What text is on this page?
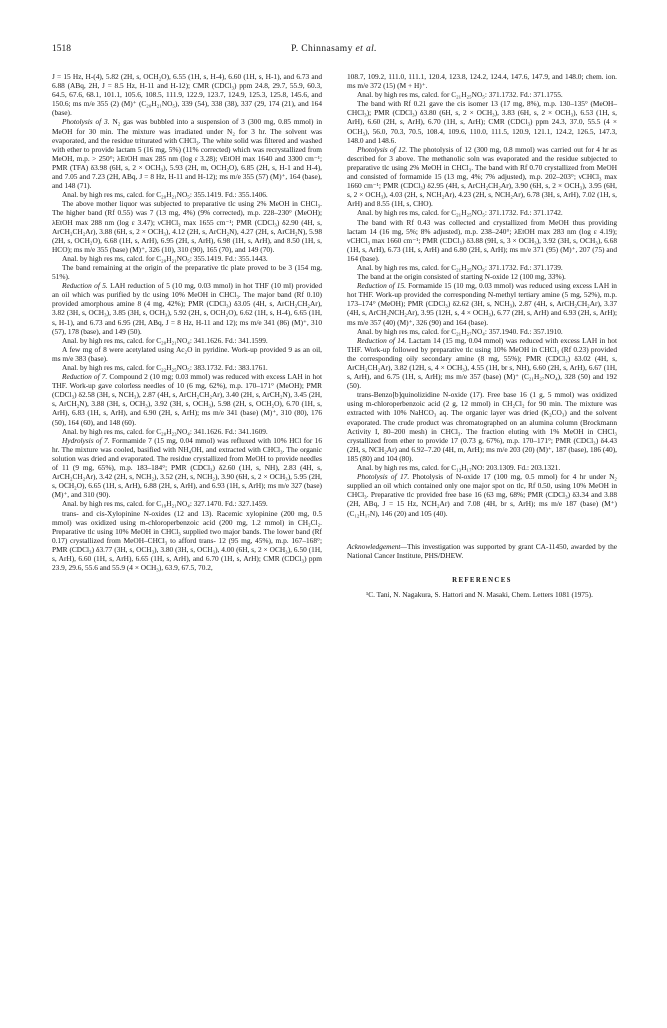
1518	P. Chinnasamy et al.

J = 15 Hz, H-(4), 5.82 (2H, s, OCH₂O), 6.55 (1H, s, H-4), 6.60 (1H, s, H-1), and 6.73 and 6.88 (ABq, 2H, J = 8.5 Hz, H-11 and H-12); CMR (CDCl₃) ppm 24.8, 29.7, 55.9, 60.3, 64.5, 67.6, 68.1, 101.1, 105.6, 108.5, 111.9, 122.9, 123.7, 124.9, 125.3, 125.8, 145.6, and 150.6; ms m/e 355 (2) (M)⁺ (C₂₀H₂₁NO₅), 339 (54), 338 (38), 337 (29, 174 (21), and 164 (base).

Photolysis of 3. N₂ gas was bubbled into a suspension of 3 (300 mg, 0.85 mmol) in MeOH for 30 min. The mixture was irradiated under N₂ for 3 hr. The solvent was evaporated, and the residue triturated with CHCl₃. The white solid was filtered and washed with ether to provide lactam 5 (16 mg, 5%) (11% corrected) which was recrystallized from MeOH, m.p. > 250°; λEtOH max 285 nm (log ε 3.28); νEtOH max 1640 and 3300 cm⁻¹; PMR (TFA) δ3.98 (6H, s, 2 × OCH₃), 5.93 (2H, m, OCH₂O), 6.85 (2H, s, H-1 and H-4), and 7.05 and 7.23 (2H, ABq, J = 8 Hz, H-11 and H-12); ms m/e 355 (57) (M)⁺, 164 (base), and 148 (71).

Anal. by high res ms, calcd. for C₂₀H₂₁NO₅: 355.1419. Fd.: 355.1406.

The above mother liquor was subjected to preparative tlc using 2% MeOH in CHCl₃. The higher band (Rf 0.55) was 7 (13 mg, 4%) (9% corrected), m.p. 228–230° (MeOH); λEtOH max 288 nm (log ε 3.47); νCHCl₃ max 1655 cm⁻¹; PMR (CDCl₃) δ2.90 (4H, s, ArCH₂CH₂Ar), 3.88 (6H, s, 2 × OCH₃), 4.12 (2H, s, ArCH₂N), 4.27 (2H, s, ArCH₂N), 5.98 (2H, s, OCH₂O), 6.68 (1H, s, ArH), 6.95 (2H, s, ArH), 6.98 (1H, s, ArH), and 8.50 (1H, s, HCO); ms m/e 355 (base) (M)⁺, 326 (10), 310 (90), 165 (70), and 149 (70).

Anal. by high res ms, calcd. for C₂₀H₂₁NO₅: 355.1419. Fd.: 355.1443.

The band remaining at the origin of the preparative tlc plate proved to be 3 (154 mg, 51%).

Reduction of 5. LAH reduction of 5 (10 mg, 0.03 mmol) in hot THF (10 ml) provided an oil which was purified by tlc using 10% MeOH in CHCl₃. The major band (Rf 0.10) provided amorphous amine 8 (4 mg, 42%); PMR (CDCl₃) δ3.05 (4H, s, ArCH₂CH₂Ar), 3.82 (3H, s, OCH₃), 3.85 (3H, s, OCH₃), 5.92 (2H, s, OCH₂O), 6.62 (1H, s, H-4), 6.65 (1H, s, H-1), and 6.73 and 6.95 (2H, ABq, J = 8 Hz, H-11 and 12); ms m/e 341 (86) (M)⁺, 310 (57), 178 (base), and 149 (50).

Anal. by high res ms, calcd. for C₂₀H₂₁NO₄: 341.1626. Fd.: 341.1599.

A few mg of 8 were acetylated using Ac₂O in pyridine. Work-up provided 9 as an oil, ms m/e 383 (base).

Anal. by high res ms, calcd. for C₂₂H₂₅NO₅: 383.1732. Fd.: 383.1761.

Reduction of 7. Compound 2 (10 mg; 0.03 mmol) was reduced with excess LAH in hot THF. Work-up gave colorless needles of 10 (6 mg, 62%), m.p. 170–171° (MeOH); PMR (CDCl₃) δ2.58 (3H, s, NCH₃), 2.87 (4H, s, ArCH₂CH₂Ar), 3.40 (2H, s, ArCH₂N), 3.45 (2H, s, ArCH₂N), 3.88 (3H, s, OCH₃), 3.92 (3H, s, OCH₃), 5.98 (2H, s, OCH₂O), 6.70 (1H, s, ArH), 6.83 (1H, s, ArH), and 6.90 (2H, s, ArH); ms m/e 341 (base) (M)⁺, 310 (80), 176 (50), 164 (60), and 148 (60).

Anal. by high res ms, calcd. for C₂₀H₂₃NO₄: 341.1626. Fd.: 341.1609.

Hydrolysis of 7. Formamide 7 (15 mg, 0.04 mmol) was refluxed with 10% HCl for 16 hr. The mixture was cooled, basified with NH₄OH, and extracted with CHCl₃. The organic solution was dried and evaporated. The residue crystallized from MeOH to provide needles of 11 (9 mg, 65%), m.p. 183–184°; PMR (CDCl₃) δ2.60 (1H, s, NH), 2.83 (4H, s, ArCH₂CH₂Ar), 3.42 (2H, s, NCH₂), 3.52 (2H, s, NCH₂), 3.90 (6H, s, 2 × OCH₃), 5.95 (2H, s, OCH₂O), 6.65 (1H, s, ArH), 6.88 (2H, s, ArH), and 6.93 (1H, s, ArH); ms m/e 327 (base) (M)⁺, and 310 (90).

Anal. by high res ms, calcd. for C₁₉H₂₁NO₄: 327.1470. Fd.: 327.1459.

trans- and cis-Xylopinine N-oxides (12 and 13). Racemic xylopinine (200 mg, 0.5 mmol) was oxidized using m-chloroperbenzoic acid (200 mg, 1.2 mmol) in CH₂Cl₂. Preparative tlc using 10% MeOH in CHCl₃ supplied two major bands. The lower band (Rf 0.17) crystallized from MeOH–CHCl₃ to afford trans- 12 (95 mg, 45%), m.p. 167–168°; PMR (CDCl₃) δ3.77 (3H, s, OCH₃), 3.80 (3H, s, OCH₃), 4.00 (6H, s, 2 × OCH₃), 6.50 (1H, s, ArH), 6.60 (1H, s, ArH), 6.65 (1H, s, ArH), and 6.70 (1H, s, ArH); CMR (CDCl₃) ppm 23.9, 29.6, 55.6 and 55.9 (4 × OCH₃), 63.9, 67.5, 70.2,

108.7, 109.2, 111.0, 111.1, 120.4, 123.8, 124.2, 124.4, 147.6, 147.9, and 148.0; chem. ion. ms m/e 372 (15) (M + H)⁺.

Anal. by high res ms, calcd. for C₂₁H₂₅NO₅: 371.1732. Fd.: 371.1755.

The band with Rf 0.21 gave the cis isomer 13 (17 mg, 8%), m.p. 130–135° (MeOH–CHCl₃); PMR (CDCl₃) δ3.80 (6H, s, 2 × OCH₃), 3.83 (6H, s, 2 × OCH₃), 6.53 (1H, s, ArH), 6.60 (2H, s, ArH), 6.70 (1H, s, ArH); CMR (CDCl₃) ppm 24.3, 37.0, 55.5 (4 × OCH₃), 56.0, 70.3, 70.5, 108.4, 109.6, 110.0, 111.5, 120.9, 121.1, 124.2, 126.5, 147.3, 148.0 and 148.6.

Photolysis of 12. The photolysis of 12 (300 mg, 0.8 mmol) was carried out for 4 hr as described for 3 above. The methanolic soln was evaporated and the residue subjected to preparative tlc using 2% MeOH in CHCl₃. The band with Rf 0.70 crystallized from MeOH and consisted of formamide 15 (13 mg, 4%; 7% adjusted), m.p. 202–203°; νCHCl₃ max 1660 cm⁻¹; PMR (CDCl₃) δ2.95 (4H, s, ArCH₂CH₂Ar), 3.90 (6H, s, 2 × OCH₃), 3.95 (6H, s, 2 × OCH₃), 4.03 (2H, s, NCH₂Ar), 4.23 (2H, s, NCH₂Ar), 6.78 (3H, s, ArH), 7.02 (1H, s, ArH) and 8.55 (1H, s, CHO).

Anal. by high res ms, calcd. for C₂₁H₂₅NO₅: 371.1732. Fd.: 371.1742.

The band with Rf 0.43 was collected and crystallized from MeOH thus providing lactam 14 (16 mg, 5%; 8% adjusted), m.p. 238–240°; λEtOH max 283 nm (log ε 4.19); νCHCl₃ max 1660 cm⁻¹; PMR (CDCl₃) δ3.88 (9H, s, 3 × OCH₃), 3.92 (3H, s, OCH₃), 6.68 (1H, s, ArH), 6.73 (1H, s, ArH) and 6.80 (2H, s, ArH); ms m/e 371 (95) (M)⁺, 207 (75) and 164 (base).

Anal. by high res ms, calcd. for C₂₁H₂₅NO₅: 371.1732. Fd.: 371.1739.

The band at the origin consisted of starting N-oxide 12 (100 mg, 33%).

Reduction of 15. Formamide 15 (10 mg, 0.03 mmol) was reduced using excess LAH in hot THF. Work-up provided the corresponding N-methyl tertiary amine (5 mg, 52%), m.p. 173–174° (MeOH); PMR (CDCl₃) δ2.62 (3H, s, NCH₃), 2.87 (4H, s, ArCH₂CH₂Ar), 3.37 (4H, s, ArCH₂NCH₂Ar), 3.95 (12H, s, 4 × OCH₃), 6.77 (2H, s, ArH) and 6.93 (2H, s, ArH); ms m/e 357 (40) (M)⁺, 326 (90) and 164 (base).

Anal. by high res ms, calcd. for C₂₁H₂₇NO₄: 357.1940. Fd.: 357.1910.

Reduction of 14. Lactam 14 (15 mg, 0.04 mmol) was reduced with excess LAH in hot THF. Work-up followed by preparative tlc using 10% MeOH in CHCl₃ (Rf 0.23) provided the corresponding oily secondary amine (8 mg, 55%); PMR (CDCl₃) δ3.02 (4H, s, ArCH₂CH₂Ar), 3.82 (12H, s, 4 × OCH₃), 4.55 (1H, br s, NH), 6.60 (2H, s, ArH), 6.67 (1H, s, ArH), and 6.75 (1H, s, ArH); ms m/e 357 (base) (M)⁺ (C₂₁H₂₇NO₄), 328 (50) and 192 (50).

trans-Benzo[b]quinolizidine N-oxide (17). Free base 16 (1 g, 5 mmol) was oxidized using m-chloroperbenzoic acid (2 g, 12 mmol) in CH₂Cl₂ for 90 min. The mixture was extracted with 10% NaHCO₃ aq. The organic layer was dried (K₂CO₃) and the solvent evaporated. The crude product was chromatographed on an alumina column (Brockmann Activity I, 80–200 mesh) in CHCl₃. The fraction eluting with 1% MeOH in CHCl₃ crystallized from ether to provide 17 (0.73 g, 67%), m.p. 170–171°; PMR (CDCl₃) δ4.43 (2H, s, NCH₂Ar) and 6.92–7.20 (4H, m, ArH); ms m/e 203 (20) (M)⁺, 187 (base), 186 (40), 185 (80) and 104 (80).

Anal. by high res ms, calcd. for C₁₃H₁₇NO: 203.1309. Fd.: 203.1321.

Photolysis of 17. Photolysis of N-oxide 17 (100 mg, 0.5 mmol) for 4 hr under N₂ supplied an oil which contained only one major spot on tlc, Rf 0.50, using 10% MeOH in CHCl₃. Preparative tlc provided free base 16 (63 mg, 68%; PMR (CDCl₃) δ3.34 and 3.88 (2H, ABq, J = 15 Hz, NCH₂Ar) and 7.08 (4H, br s, ArH); ms m/e 187 (base) (M⁺) (C₁₂H₁₇N), 146 (20) and 105 (40).

Acknowledgement—This investigation was supported by grant CA-11450, awarded by the National Cancer Institute, PHS/DHEW.

REFERENCES

¹C. Tani, N. Nagakura, S. Hattori and N. Masaki, Chem. Letters 1081 (1975).
